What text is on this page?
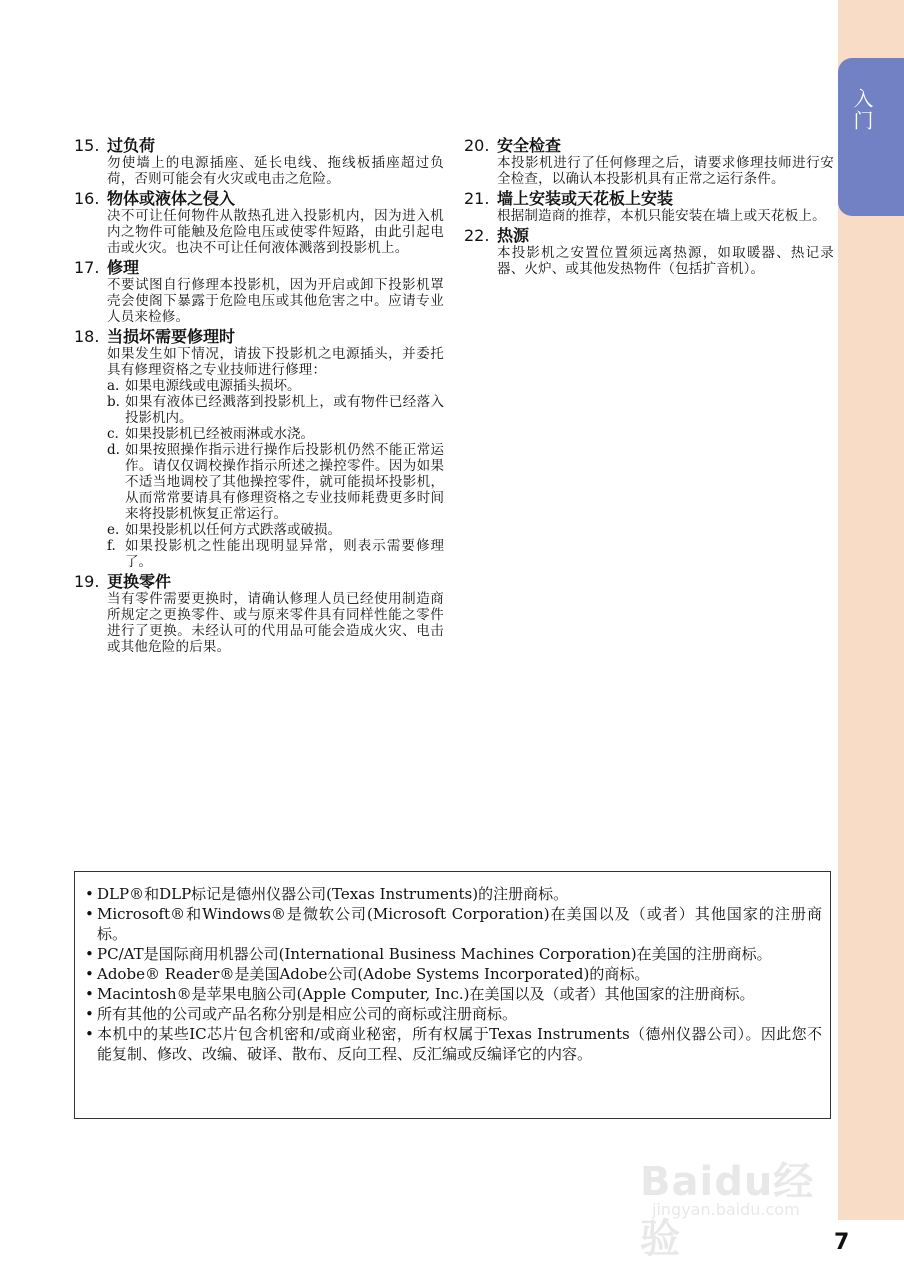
入门
15. 过负荷
勿使墙上的电源插座、延长电线、拖线板插座超过负荷，否则可能会有火灾或电击之危险。
16. 物体或液体之侵入
决不可让任何物件从散热孔进入投影机内，因为进入机内之物件可能触及危险电压或使零件短路，由此引起电击或火灾。也决不可让任何液体溅落到投影机上。
17. 修理
不要试图自行修理本投影机，因为开启或卸下投影机罩壳会使阁下暴露于危险电压或其他危害之中。应请专业人员来检修。
18. 当损坏需要修理时
如果发生如下情况，请拔下投影机之电源插头，并委托具有修理资格之专业技师进行修理：
a. 如果电源线或电源插头损坏。
b. 如果有液体已经溅落到投影机上，或有物件已经落入投影机内。
c. 如果投影机已经被雨淋或水浇。
d. 如果按照操作指示进行操作后投影机仍然不能正常运作。请仅仅调校操作指示所述之操控零件。因为如果不适当地调校了其他操控零件，就可能损坏投影机，从而常常要请具有修理资格之专业技师耗费更多时间来将投影机恢复正常运行。
e. 如果投影机以任何方式跌落或破损。
f. 如果投影机之性能出现明显异常，则表示需要修理了。
19. 更换零件
当有零件需要更换时，请确认修理人员已经使用制造商所规定之更换零件、或与原来零件具有同样性能之零件进行了更换。未经认可的代用品可能会造成火灾、电击或其他危险的后果。
20. 安全检查
本投影机进行了任何修理之后，请要求修理技师进行安全检查，以确认本投影机具有正常之运行条件。
21. 墙上安装或天花板上安装
根据制造商的推荐，本机只能安装在墙上或天花板上。
22. 热源
本投影机之安置位置须远离热源，如取暖器、热记录器、火炉、或其他发热物件（包括扩音机）。
• DLP®和DLP标记是德州仪器公司(Texas Instruments)的注册商标。
• Microsoft®和Windows®是微软公司(Microsoft Corporation)在美国以及（或者）其他国家的注册商标。
• PC/AT是国际商用机器公司(International Business Machines Corporation)在美国的注册商标。
• Adobe® Reader®是美国Adobe公司(Adobe Systems Incorporated)的商标。
• Macintosh®是苹果电脑公司(Apple Computer, Inc.)在美国以及（或者）其他国家的注册商标。
• 所有其他的公司或产品名称分别是相应公司的商标或注册商标。
• 本机中的某些IC芯片包含机密和/或商业秘密，所有权属于Texas Instruments（德州仪器公司）。因此您不能复制、修改、改编、破译、散布、反向工程、反汇编或反编译它的内容。
Baidu经验
jingyan.baidu.com
7
